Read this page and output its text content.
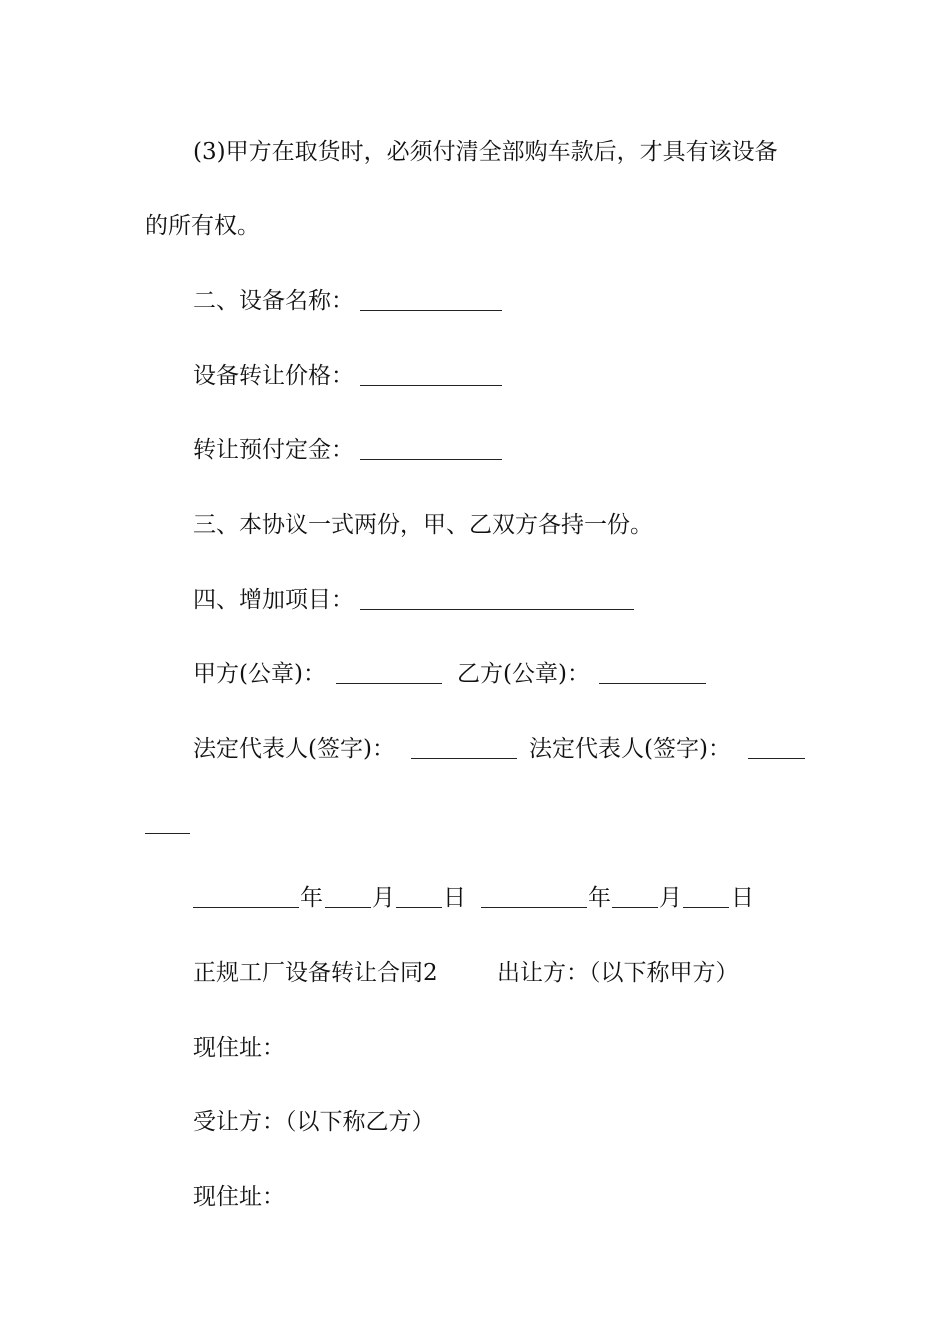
(3)甲方在取货时，必须付清全部购车款后，才具有该设备
的所有权。
二、设备名称：
设备转让价格：
转让预付定金：
三、本协议一式两份，甲、乙双方各持一份。
四、增加项目：
甲方(公章)：	乙方(公章)：
法定代表人(签字)：	法定代表人(签字)：
年 月 日	年 月 日
正规工厂设备转让合同2	出让方：（以下称甲方）
现住址：
受让方：（以下称乙方）
现住址：
